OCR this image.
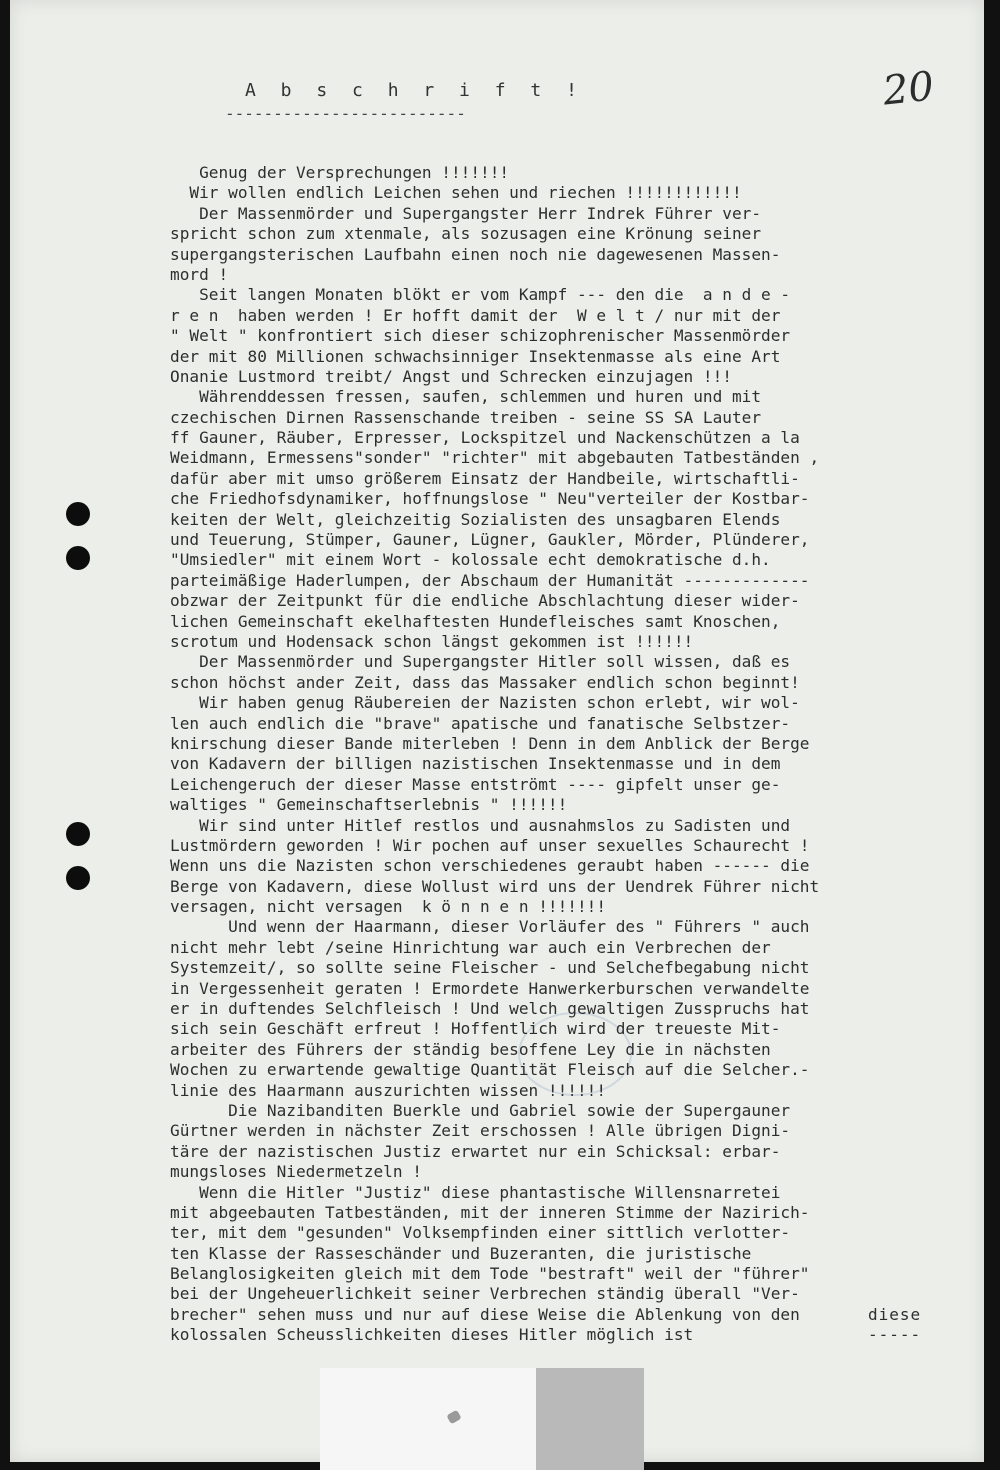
A b s c h r i f t !
-------------------------	20
Genug der Versprechungen !!!!!!!
Wir wollen endlich Leichen sehen und riechen !!!!!!!!!!!!
Der Massenmörder und Supergangster Herr Indrek Führer ver-
spricht schon zum xtenmale, als sozusagen eine Krönung seiner
supergangsterischen Laufbahn einen noch nie dagewesenen Massen-
mord !
Seit langen Monaten blökt er vom Kampf --- den die  a n d e -
r e n  haben werden ! Er hofft damit der  W e l t / nur mit der
" Welt " konfrontiert sich dieser schizophrenischer Massenmörder
der mit 80 Millionen schwachsinniger Insektenmasse als eine Art
Onanie Lustmord treibt/ Angst und Schrecken einzujagen !!!
Währenddessen fressen, saufen, schlemmen und huren und mit
czechischen Dirnen Rassenschande treiben - seine SS SA Lauter
ff Gauner, Räuber, Erpresser, Lockspitzel und Nackenschützen a la
Weidmann, Ermessens"sonder" "richter" mit abgebauten Tatbeständen ,
dafür aber mit umso größerem Einsatz der Handbeile, wirtschaftli-
che Friedhofsdynamiker, hoffnungslose " Neu"verteiler der Kostbar-
keiten der Welt, gleichzeitig Sozialisten des unsagbaren Elends
und Teuerung, Stümper, Gauner, Lügner, Gaukler, Mörder, Plünderer,
"Umsiedler" mit einem Wort - kolossale echt demokratische d.h.
parteimäßige Haderlumpen, der Abschaum der Humanität -------------
obzwar der Zeitpunkt für die endliche Abschlachtung dieser wider-
lichen Gemeinschaft ekelhaftesten Hundefleisches samt Knoschen,
scrotum und Hodensack schon längst gekommen ist !!!!!!
Der Massenmörder und Supergangster Hitler soll wissen, daß es
schon höchst ander Zeit, dass das Massaker endlich schon beginnt!
Wir haben genug Räubereien der Nazisten schon erlebt, wir wol-
len auch endlich die "brave" apatische und fanatische Selbstzer-
knirschung dieser Bande miterleben ! Denn in dem Anblick der Berge
von Kadavern der billigen nazistischen Insektenmasse und in dem
Leichengeruch der dieser Masse entströmt ---- gipfelt unser ge-
waltiges " Gemeinschaftserlebnis " !!!!!!
Wir sind unter Hitlef restlos und ausnahmslos zu Sadisten und
Lustmördern geworden ! Wir pochen auf unser sexuelles Schaurecht !
Wenn uns die Nazisten schon verschiedenes geraubt haben ------ die
Berge von Kadavern, diese Wollust wird uns der Uendrek Führer nicht
versagen, nicht versagen  k ö n n e n !!!!!!!
Und wenn der Haarmann, dieser Vorläufer des " Führers " auch
nicht mehr lebt /seine Hinrichtung war auch ein Verbrechen der
Systemzeit/, so sollte seine Fleischer - und Selchefbegabung nicht
in Vergessenheit geraten ! Ermordete Hanwerkerburschen verwandelte
er in duftendes Selchfleisch ! Und welch gewaltigen Zusspruchs hat
sich sein Geschäft erfreut ! Hoffentlich wird der treueste Mit-
arbeiter des Führers der ständig besoffene Ley die in nächsten
Wochen zu erwartende gewaltige Quantität Fleisch auf die Selcher.-
linie des Haarmann auszurichten wissen !!!!!!
Die Nazibanditen Buerkle und Gabriel sowie der Supergauner
Gürtner werden in nächster Zeit erschossen ! Alle übrigen Digni-
täre der nazistischen Justiz erwartet nur ein Schicksal: erbar-
mungsloses Niedermetzeln !
Wenn die Hitler "Justiz" diese phantastische Willensnarretei
mit abgeebauten Tatbeständen, mit der inneren Stimme der Nazirich-
ter, mit dem "gesunden" Volksempfinden einer sittlich verlotter-
ten Klasse der Rasseschänder und Buzeranten, die juristische
Belanglosigkeiten gleich mit dem Tode "bestraft" weil der "führer"
bei der Ungeheuerlichkeit seiner Verbrechen ständig überall "Ver-
brecher" sehen muss und nur auf diese Weise die Ablenkung von den
kolossalen Scheusslichkeiten dieses Hitler möglich ist
diese
-----
